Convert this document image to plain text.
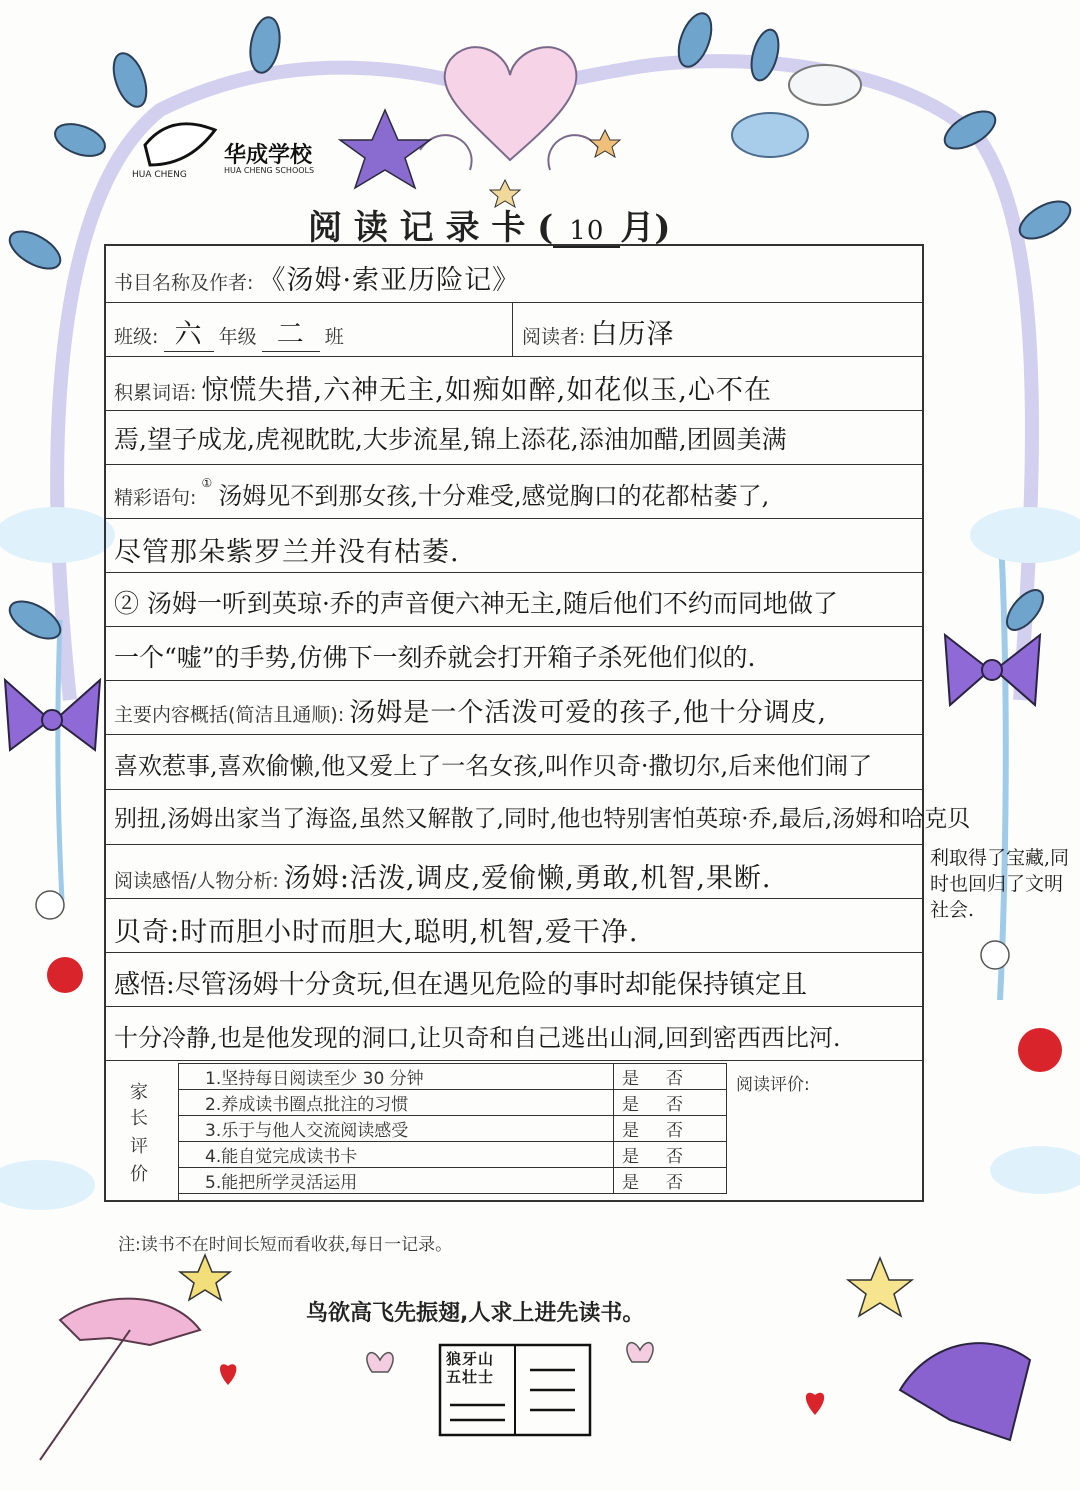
华成学校
HUA CHENG SCHOOLS
HUA CHENG
阅 读 记 录 卡 ( 10 月)
书目名称及作者: 《汤姆·索亚历险记》
班级: 六 年级 二 班	阅读者: 白历泽
积累词语: 惊慌失措,六神无主,如痴如醉,如花似玉,心不在
焉,望子成龙,虎视眈眈,大步流星,锦上添花,添油加醋,团圆美满
精彩语句: ① 汤姆见不到那女孩,十分难受,感觉胸口的花都枯萎了,
尽管那朵紫罗兰并没有枯萎.
② 汤姆一听到英琼·乔的声音便六神无主,随后他们不约而同地做了
一个“嘘”的手势,仿佛下一刻乔就会打开箱子杀死他们似的.
主要内容概括(简洁且通顺): 汤姆是一个活泼可爱的孩子,他十分调皮,
喜欢惹事,喜欢偷懒,他又爱上了一名女孩,叫作贝奇·撒切尔,后来他们闹了
别扭,汤姆出家当了海盗,虽然又解散了,同时,他也特别害怕英琼·乔,最后,汤姆和哈克贝
利取得了宝藏,同
时也回归了文明
社会.
阅读感悟/人物分析: 汤姆:活泼,调皮,爱偷懒,勇敢,机智,果断.
贝奇:时而胆小时而胆大,聪明,机智,爱干净.
感悟:尽管汤姆十分贪玩,但在遇见危险的事时却能保持镇定且
十分冷静,也是他发现的洞口,让贝奇和自己逃出山洞,回到密西西比河.
家
长
评
价
1.坚持每日阅读至少 30 分钟	是 否
2.养成读书圈点批注的习惯	是 否
3.乐于与他人交流阅读感受	是 否
4.能自觉完成读书卡	是 否
5.能把所学灵活运用	是 否
阅读评价:
注:读书不在时间长短而看收获,每日一记录。
鸟欲高飞先振翅,人求上进先读书。
狼牙山
五壮士
